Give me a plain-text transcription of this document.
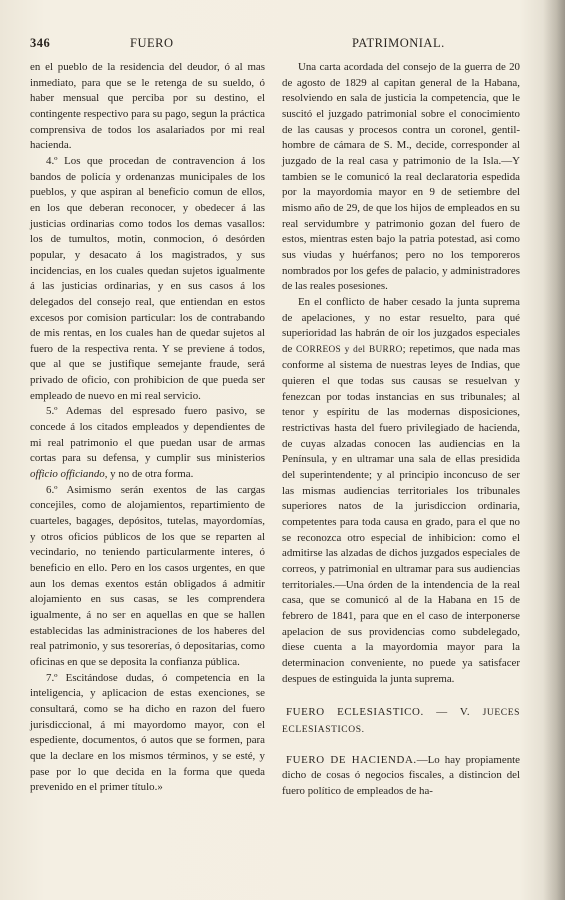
346	FUERO	PATRIMONIAL.

en el pueblo de la residencia del deudor, ó al mas inmediato, para que se le retenga de su sueldo, ó haber mensual que perciba por su destino, el contingente respectivo para su pago, segun la práctica comprensiva de todos los asalariados por mi real hacienda.

4.º Los que procedan de contravencion á los bandos de policía y ordenanzas municipales de los pueblos, y que aspiran al beneficio comun de ellos, en los que deberan reconocer, y obedecer á las justicias ordinarias como todos los demas vasallos: los de tumultos, motin, conmocion, ó desórden popular, y desacato á los magistrados, y sus incidencias, en los cuales quedan sujetos igualmente á las justicias ordinarias, y en sus casos á los delegados del consejo real, que entiendan en estos excesos por comision particular: los de contrabando de mis rentas, en los cuales han de quedar sujetos al fuero de la respectiva renta. Y se previene á todos, que al que se justifique semejante fraude, será privado de oficio, con prohibicion de que pueda ser empleado de nuevo en mi real servicio.

5.º Ademas del espresado fuero pasivo, se concede á los citados empleados y dependientes de mi real patrimonio el que puedan usar de armas cortas para su defensa, y cumplir sus ministerios officio officiando, y no de otra forma.

6.º Asimismo serán exentos de las cargas concejiles, como de alojamientos, repartimiento de cuarteles, bagages, depósitos, tutelas, mayordomías, y otros oficios públicos de los que se reparten al vecindario, no teniendo particularmente interes, ó beneficio en ello. Pero en los casos urgentes, en que aun los demas exentos están obligados á admitir alojamiento en sus casas, se les comprendera igualmente, á no ser en aquellas en que se hallen establecidas las administraciones de los haberes del real patrimonio, y sus tesorerías, ó depositarias, como oficinas en que se deposita la confianza pública.

7.º Escitándose dudas, ó competencia en la inteligencia, y aplicacion de estas exenciones, se consultará, como se ha dicho en razon del fuero jurisdiccional, á mi mayordomo mayor, con el espediente, documentos, ó autos que se formen, para que la declare en los mismos términos, y se esté, y pase por lo que decida en la forma que queda prevenido en el primer título.»

Una carta acordada del consejo de la guerra de 20 de agosto de 1829 al capitan general de la Habana, resolviendo en sala de justicia la competencia, que le suscitó el juzgado patrimonial sobre el conocimiento de las causas y procesos contra un coronel, gentil-hombre de cámara de S. M., decide, corresponder al juzgado de la real casa y patrimonio de la Isla.—Y tambien se le comunicó la real declaratoria espedida por la mayordomia mayor en 9 de setiembre del mismo año de 29, de que los hijos de empleados en su real servidumbre y patrimonio gozan del fuero de estos, mientras esten bajo la patria potestad, asi como sus viudas y huérfanos; pero no los temporeros nombrados por los gefes de palacio, y administradores de las reales posesiones.

En el conflicto de haber cesado la junta suprema de apelaciones, y no estar resuelto, para qué superioridad las habrán de oir los juzgados especiales de CORREOS y del BURRO; repetimos, que nada mas conforme al sistema de nuestras leyes de Indias, que quieren el que todas sus causas se resuelvan y fenezcan por todas instancias en sus tribunales; al tenor y espíritu de las modernas disposiciones, restrictivas hasta del fuero privilegiado de hacienda, de cuyas alzadas conocen las audiencias en la Península, y en ultramar una sala de ellas presidida del superintendente; y al principio inconcuso de ser las mismas audiencias territoriales los tribunales superiores natos de la jurisdiccion ordinaria, competentes para toda causa en grado, para el que no se reconozca otro especial de inhibicion: como el admitirse las alzadas de dichos juzgados especiales de correos, y patrimonial en ultramar para sus audiencias territoriales.—Una órden de la intendencia de la real casa, que se comunicó al de la Habana en 15 de febrero de 1841, para que en el caso de interponerse apelacion de sus providencias como subdelegado, diese cuenta a la mayordomia mayor para la determinacion conveniente, no puede ya satisfacer despues de estinguida la junta suprema.

FUERO ECLESIASTICO. — V. JUECES ECLESIASTICOS.

FUERO DE HACIENDA.—Lo hay propiamente dicho de cosas ó negocios fiscales, a distincion del fuero político de empleados de ha-
